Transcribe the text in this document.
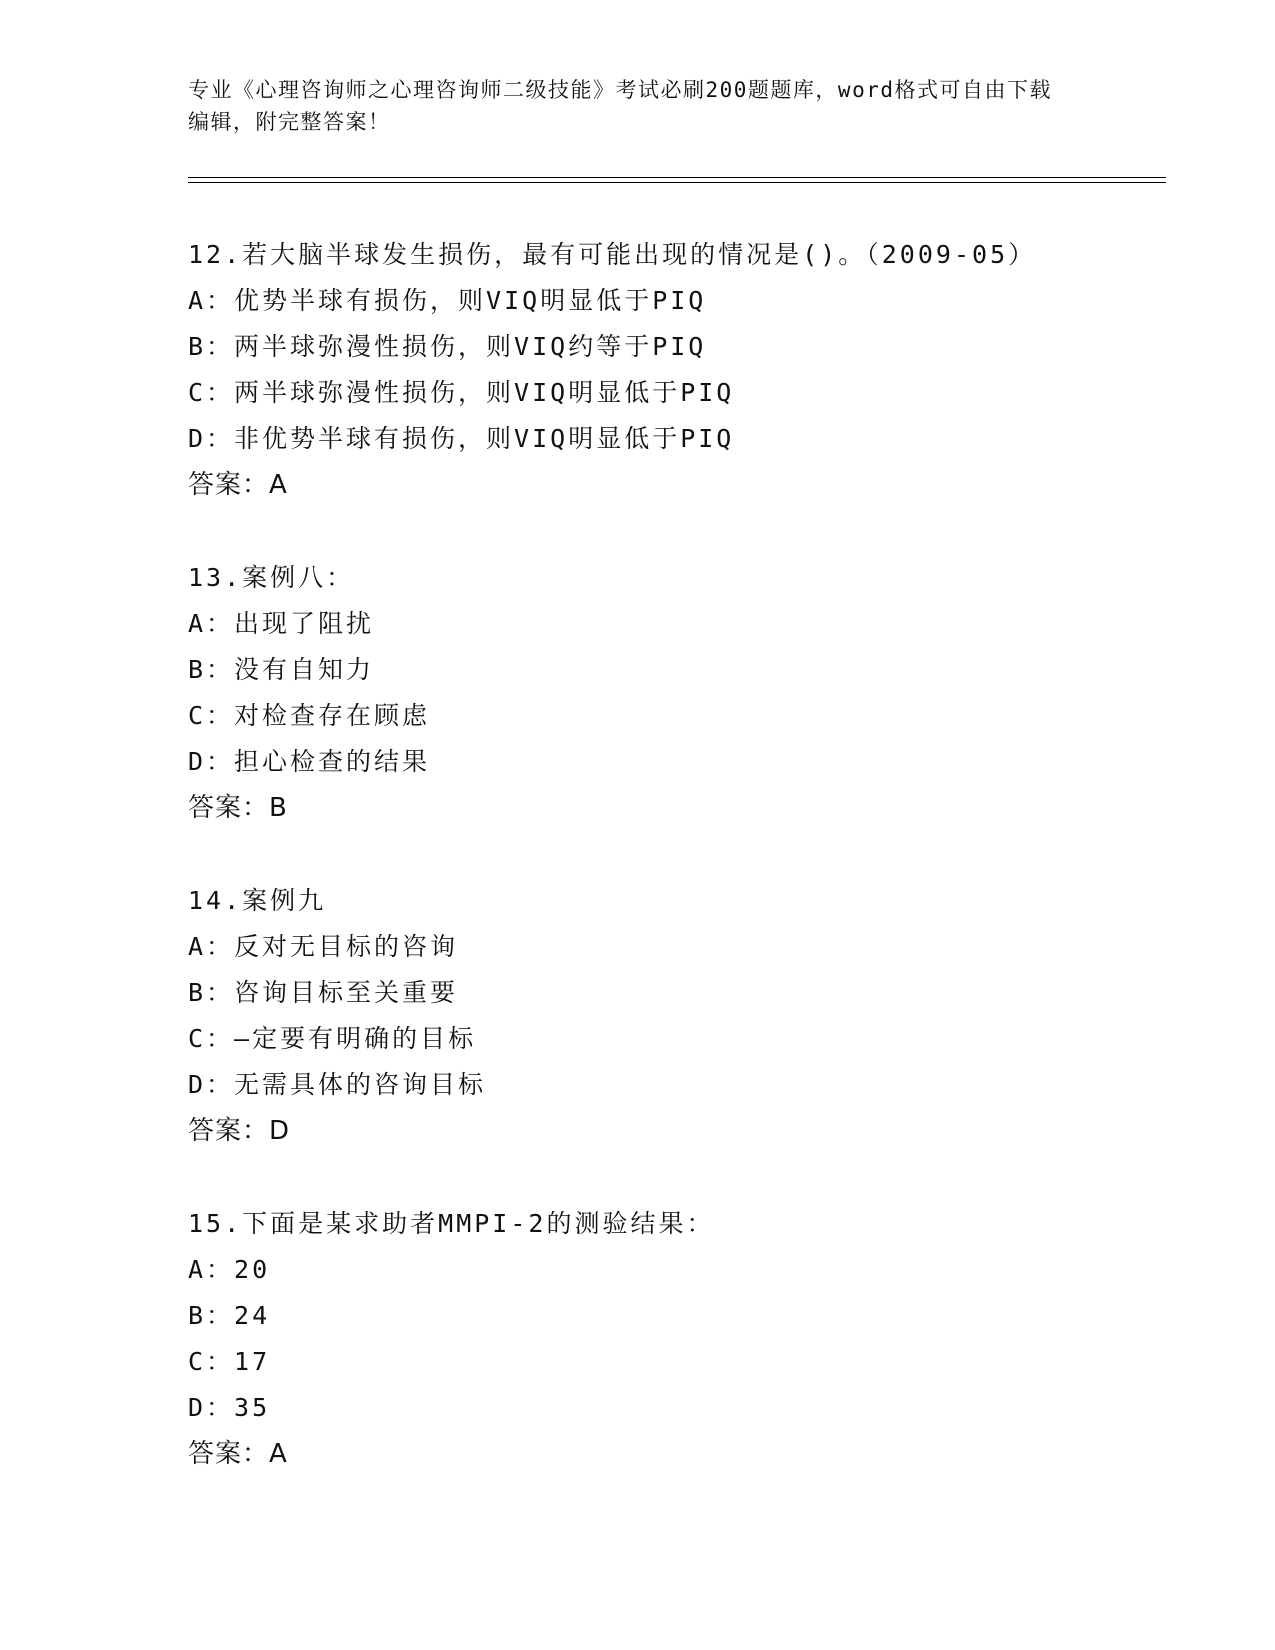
专业《心理咨询师之心理咨询师二级技能》考试必刷200题题库，word格式可自由下载编辑，附完整答案！
12.若大脑半球发生损伤，最有可能出现的情况是()。（2009-05）
A：优势半球有损伤，则VIQ明显低于PIQ
B：两半球弥漫性损伤，则VIQ约等于PIQ
C：两半球弥漫性损伤，则VIQ明显低于PIQ
D：非优势半球有损伤，则VIQ明显低于PIQ
答案：A
13.案例八：
A：出现了阻扰
B：没有自知力
C：对检查存在顾虑
D：担心检查的结果
答案：B
14.案例九
A：反对无目标的咨询
B：咨询目标至关重要
C：—定要有明确的目标
D：无需具体的咨询目标
答案：D
15.下面是某求助者MMPI-2的测验结果：
A：20
B：24
C：17
D：35
答案：A
